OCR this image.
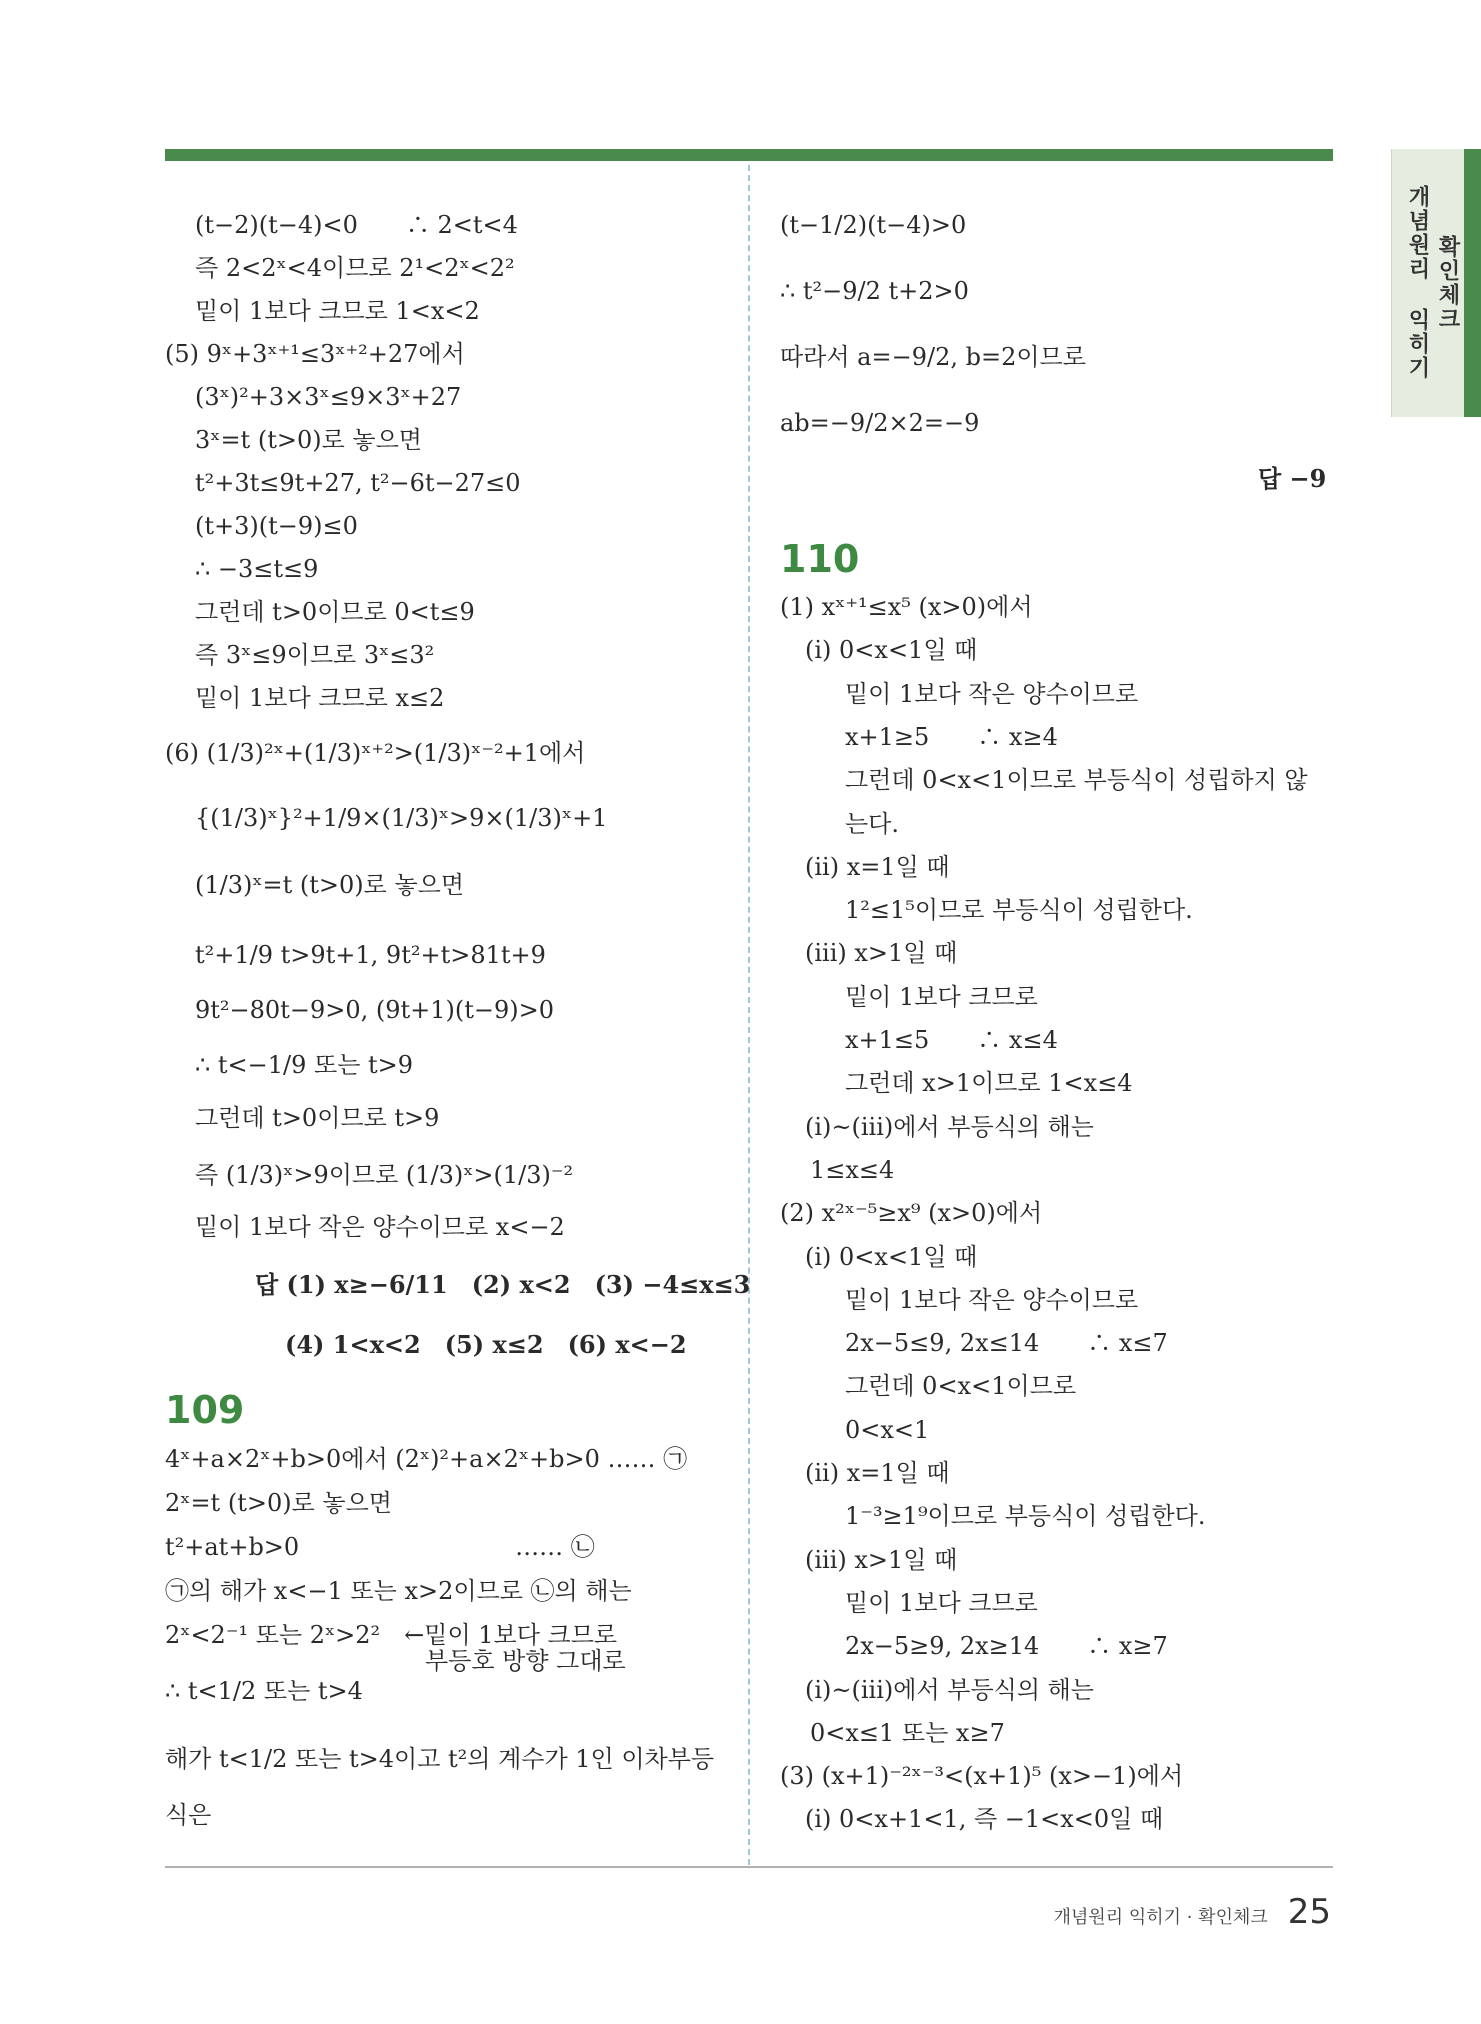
확인체크
개념원리 익히기
(t−2)(t−4)<0　　∴ 2<t<4
즉 2<2ˣ<4이므로 2¹<2ˣ<2²
밑이 1보다 크므로 1<x<2
(5) 9ˣ+3ˣ⁺¹≤3ˣ⁺²+27에서
(3ˣ)²+3×3ˣ≤9×3ˣ+27
3ˣ=t (t>0)로 놓으면
t²+3t≤9t+27, t²−6t−27≤0
(t+3)(t−9)≤0
∴ −3≤t≤9
그런데 t>0이므로 0<t≤9
즉 3ˣ≤9이므로 3ˣ≤3²
밑이 1보다 크므로 x≤2
(6) (1/3)²ˣ+(1/3)ˣ⁺²>(1/3)ˣ⁻²+1에서
{(1/3)ˣ}²+1/9×(1/3)ˣ>9×(1/3)ˣ+1
(1/3)ˣ=t (t>0)로 놓으면
t²+1/9 t>9t+1, 9t²+t>81t+9
9t²−80t−9>0, (9t+1)(t−9)>0
∴ t<−1/9 또는 t>9
그런데 t>0이므로 t>9
즉 (1/3)ˣ>9이므로 (1/3)ˣ>(1/3)⁻²
밑이 1보다 작은 양수이므로 x<−2
답 (1) x≥−6/11　(2) x<2　(3) −4≤x≤3
(4) 1<x<2　(5) x≤2　(6) x<−2
109
4ˣ+a×2ˣ+b>0에서 (2ˣ)²+a×2ˣ+b>0 …… ㉠
2ˣ=t (t>0)로 놓으면
t²+at+b>0　　　　　　　　　…… ㉡
㉠의 해가 x<−1 또는 x>2이므로 ㉡의 해는
2ˣ<2⁻¹ 또는 2ˣ>2²　←밑이 1보다 크므로
부등호 방향 그대로
∴ t<1/2 또는 t>4
해가 t<1/2 또는 t>4이고 t²의 계수가 1인 이차부등
식은
(t−1/2)(t−4)>0
∴ t²−9/2 t+2>0
따라서 a=−9/2, b=2이므로
ab=−9/2×2=−9
답 −9
110
(1) xˣ⁺¹≤x⁵ (x>0)에서
(i) 0<x<1일 때
밑이 1보다 작은 양수이므로
x+1≥5　　∴ x≥4
그런데 0<x<1이므로 부등식이 성립하지 않
는다.
(ii) x=1일 때
1²≤1⁵이므로 부등식이 성립한다.
(iii) x>1일 때
밑이 1보다 크므로
x+1≤5　　∴ x≤4
그런데 x>1이므로 1<x≤4
(i)~(iii)에서 부등식의 해는
1≤x≤4
(2) x²ˣ⁻⁵≥x⁹ (x>0)에서
(i) 0<x<1일 때
밑이 1보다 작은 양수이므로
2x−5≤9, 2x≤14　　∴ x≤7
그런데 0<x<1이므로
0<x<1
(ii) x=1일 때
1⁻³≥1⁹이므로 부등식이 성립한다.
(iii) x>1일 때
밑이 1보다 크므로
2x−5≥9, 2x≥14　　∴ x≥7
(i)~(iii)에서 부등식의 해는
0<x≤1 또는 x≥7
(3) (x+1)⁻²ˣ⁻³<(x+1)⁵ (x>−1)에서
(i) 0<x+1<1, 즉 −1<x<0일 때
개념원리 익히기 · 확인체크 25
